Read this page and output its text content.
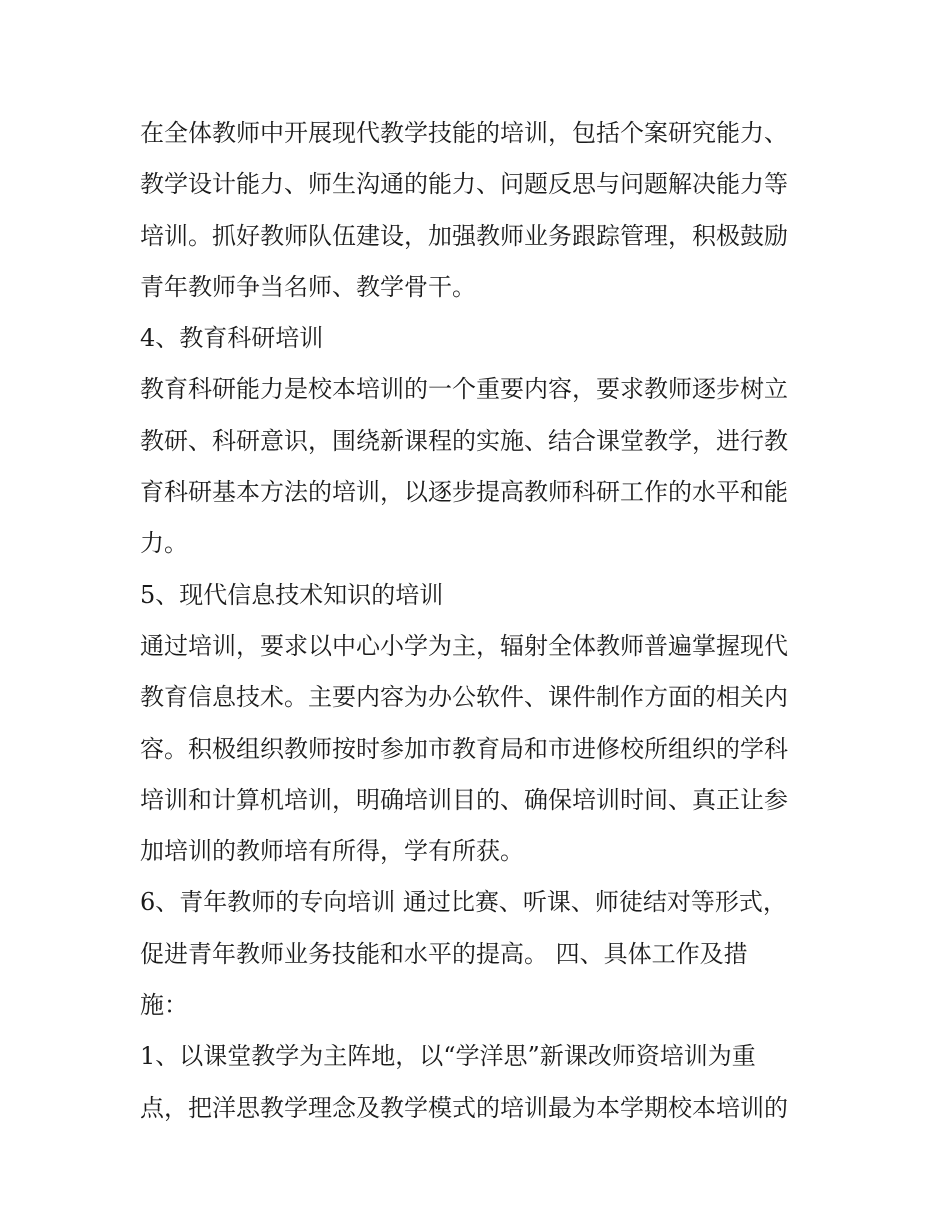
在全体教师中开展现代教学技能的培训，包括个案研究能力、
教学设计能力、师生沟通的能力、问题反思与问题解决能力等
培训。抓好教师队伍建设，加强教师业务跟踪管理，积极鼓励
青年教师争当名师、教学骨干。
4、教育科研培训
教育科研能力是校本培训的一个重要内容，要求教师逐步树立
教研、科研意识，围绕新课程的实施、结合课堂教学，进行教
育科研基本方法的培训，以逐步提高教师科研工作的水平和能
力。
5、现代信息技术知识的培训
通过培训，要求以中心小学为主，辐射全体教师普遍掌握现代
教育信息技术。主要内容为办公软件、课件制作方面的相关内
容。积极组织教师按时参加市教育局和市进修校所组织的学科
培训和计算机培训，明确培训目的、确保培训时间、真正让参
加培训的教师培有所得，学有所获。
6、青年教师的专向培训 通过比赛、听课、师徒结对等形式，
促进青年教师业务技能和水平的提高。 四、具体工作及措
施：
1、以课堂教学为主阵地，以“学洋思”新课改师资培训为重
点，把洋思教学理念及教学模式的培训最为本学期校本培训的
